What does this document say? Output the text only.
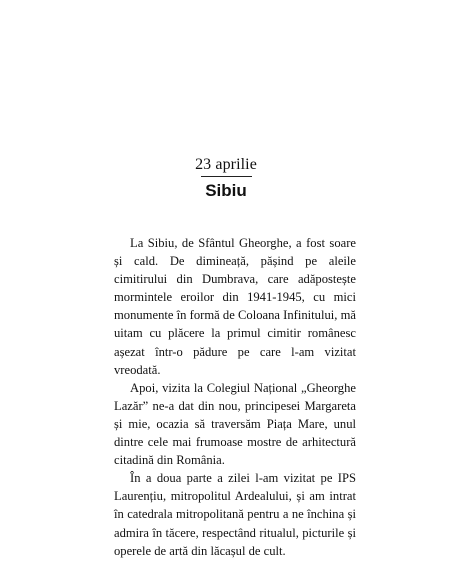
23 aprilie
Sibiu

La Sibiu, de Sfântul Gheorghe, a fost soare și cald. De dimineață, pășind pe aleile cimitirului din Dumbrava, care adăpostește mormintele eroilor din 1941-1945, cu mici monumente în formă de Coloana Infinitului, mă uitam cu plăcere la primul cimitir românesc așezat într-o pădure pe care l-am vizitat vreodată.

Apoi, vizita la Colegiul Național „Gheorghe Lazăr” ne-a dat din nou, principesei Margareta și mie, ocazia să traversăm Piața Mare, unul dintre cele mai frumoase mostre de arhitectură citadină din România.

În a doua parte a zilei l-am vizitat pe IPS Laurențiu, mitropolitul Ardealului, și am intrat în catedrala mitropolitană pentru a ne închina și admira în tăcere, respectând ritualul, picturile și operele de artă din lăcașul de cult.
